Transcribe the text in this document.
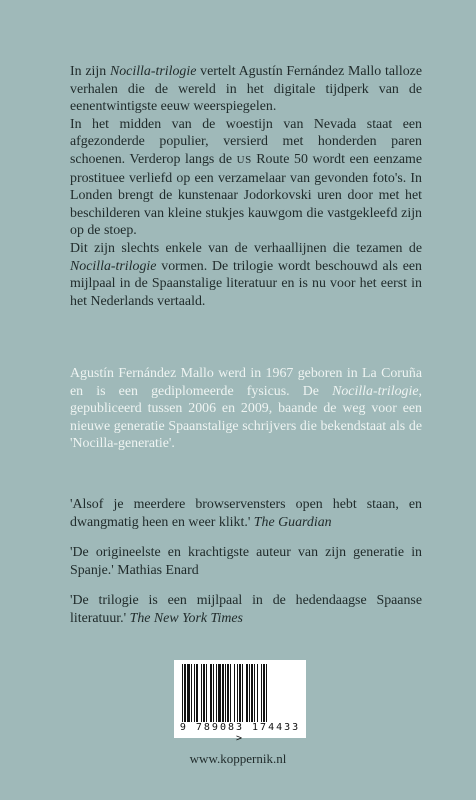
In zijn Nocilla-trilogie vertelt Agustín Fernández Mallo talloze verhalen die de wereld in het digitale tijdperk van de eenentwintigste eeuw weerspiegelen.

In het midden van de woestijn van Nevada staat een afgezonderde populier, versierd met honderden paren schoenen. Verderop langs de US Route 50 wordt een eenzame prostituee verliefd op een verzamelaar van gevonden foto's. In Londen brengt de kunstenaar Jodorkovski uren door met het beschilderen van kleine stukjes kauwgom die vastgekleefd zijn op de stoep.

Dit zijn slechts enkele van de verhaallijnen die tezamen de Nocilla-trilogie vormen. De trilogie wordt beschouwd als een mijlpaal in de Spaanstalige literatuur en is nu voor het eerst in het Nederlands vertaald.

Agustín Fernández Mallo werd in 1967 geboren in La Coruña en is een gediplomeerde fysicus. De Nocilla-trilogie, gepubliceerd tussen 2006 en 2009, baande de weg voor een nieuwe generatie Spaanstalige schrijvers die bekendstaat als de 'Nocilla-generatie'.

'Alsof je meerdere browservensters open hebt staan, en dwangmatig heen en weer klikt.' The Guardian

'De origineelste en krachtigste auteur van zijn generatie in Spanje.' Mathias Enard

'De trilogie is een mijlpaal in de hedendaagse Spaanse literatuur.' The New York Times

9 789083 174433 >
www.koppernik.nl
